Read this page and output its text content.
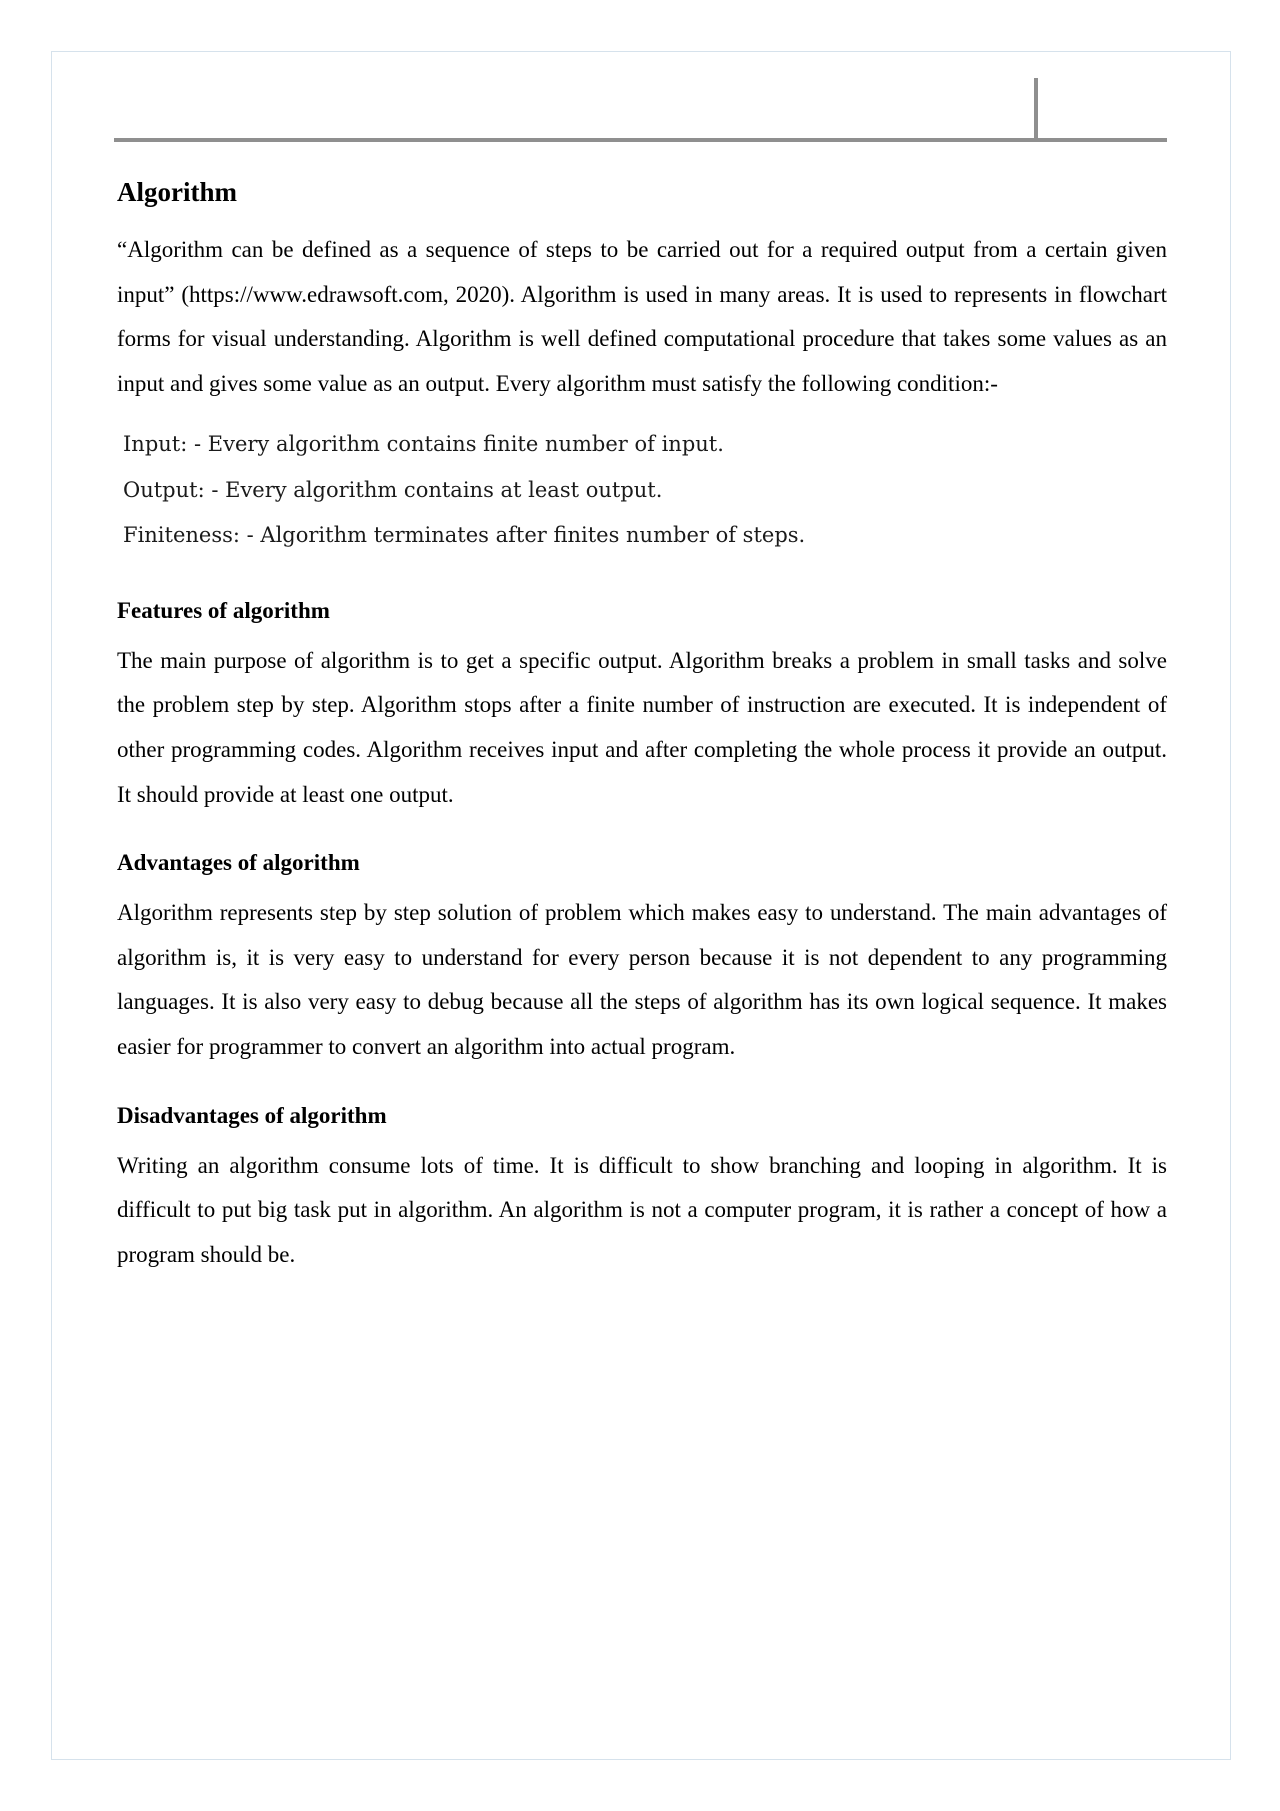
Algorithm

“Algorithm can be defined as a sequence of steps to be carried out for a required output from a certain given input” (https://www.edrawsoft.com, 2020). Algorithm is used in many areas. It is used to represents in flowchart forms for visual understanding. Algorithm is well defined computational procedure that takes some values as an input and gives some value as an output. Every algorithm must satisfy the following condition:-

Input: - Every algorithm contains finite number of input.
Output: - Every algorithm contains at least output.
Finiteness: - Algorithm terminates after finites number of steps.
Features of algorithm

The main purpose of algorithm is to get a specific output. Algorithm breaks a problem in small tasks and solve the problem step by step. Algorithm stops after a finite number of instruction are executed. It is independent of other programming codes. Algorithm receives input and after completing the whole process it provide an output. It should provide at least one output.

Advantages of algorithm

Algorithm represents step by step solution of problem which makes easy to understand. The main advantages of algorithm is, it is very easy to understand for every person because it is not dependent to any programming languages. It is also very easy to debug because all the steps of algorithm has its own logical sequence. It makes easier for programmer to convert an algorithm into actual program.

Disadvantages of algorithm

Writing an algorithm consume lots of time. It is difficult to show branching and looping in algorithm. It is difficult to put big task put in algorithm. An algorithm is not a computer program, it is rather a concept of how a program should be.
